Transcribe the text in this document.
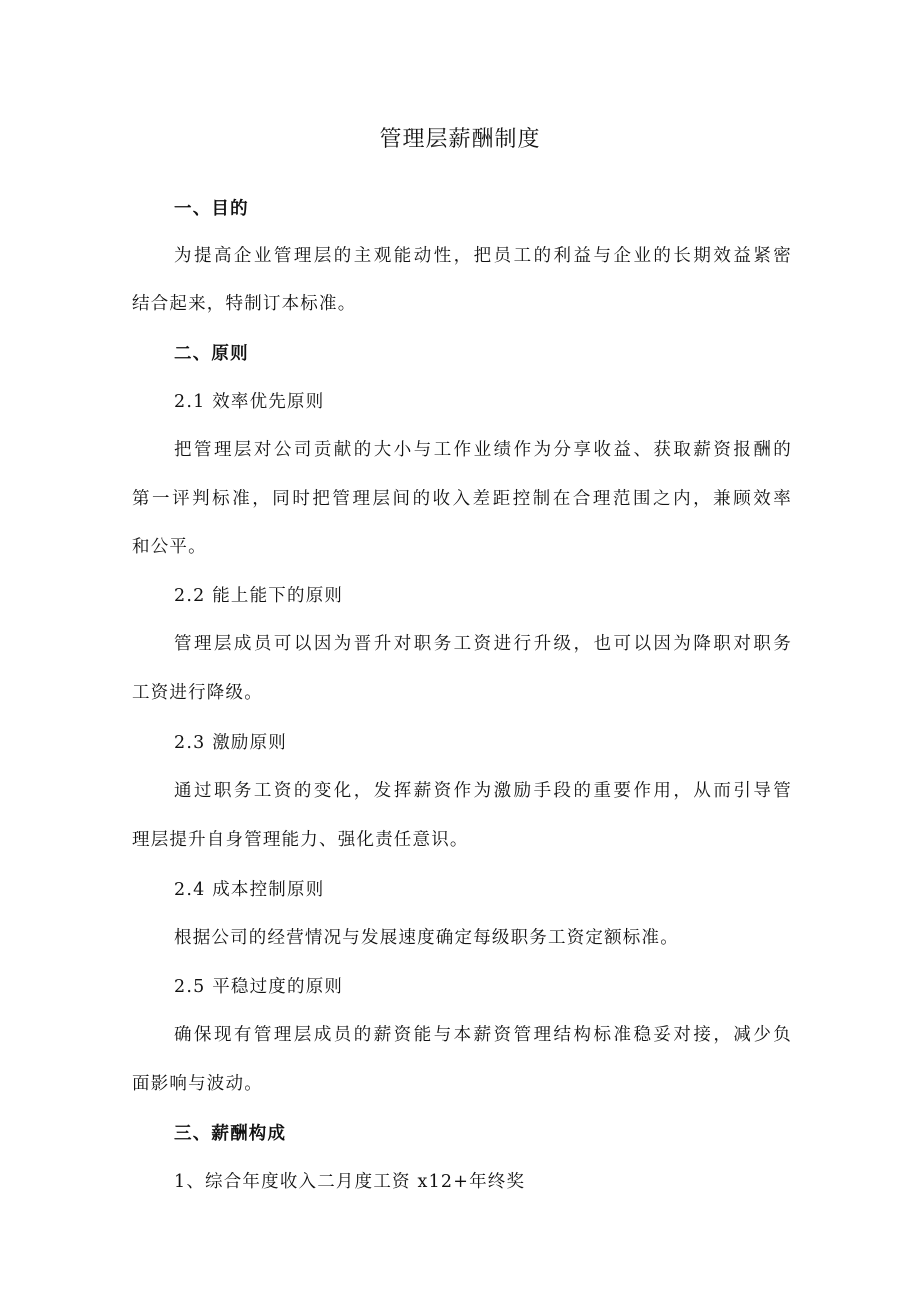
管理层薪酬制度
一、目的
为提高企业管理层的主观能动性，把员工的利益与企业的长期效益紧密
结合起来，特制订本标准。
二、原则
2.1 效率优先原则
把管理层对公司贡献的大小与工作业绩作为分享收益、获取薪资报酬的
第一评判标准，同时把管理层间的收入差距控制在合理范围之内，兼顾效率
和公平。
2.2 能上能下的原则
管理层成员可以因为晋升对职务工资进行升级，也可以因为降职对职务
工资进行降级。
2.3 激励原则
通过职务工资的变化，发挥薪资作为激励手段的重要作用，从而引导管
理层提升自身管理能力、强化责任意识。
2.4 成本控制原则
根据公司的经营情况与发展速度确定每级职务工资定额标准。
2.5 平稳过度的原则
确保现有管理层成员的薪资能与本薪资管理结构标准稳妥对接，减少负
面影响与波动。
三、薪酬构成
1、综合年度收入二月度工资 x12+年终奖
